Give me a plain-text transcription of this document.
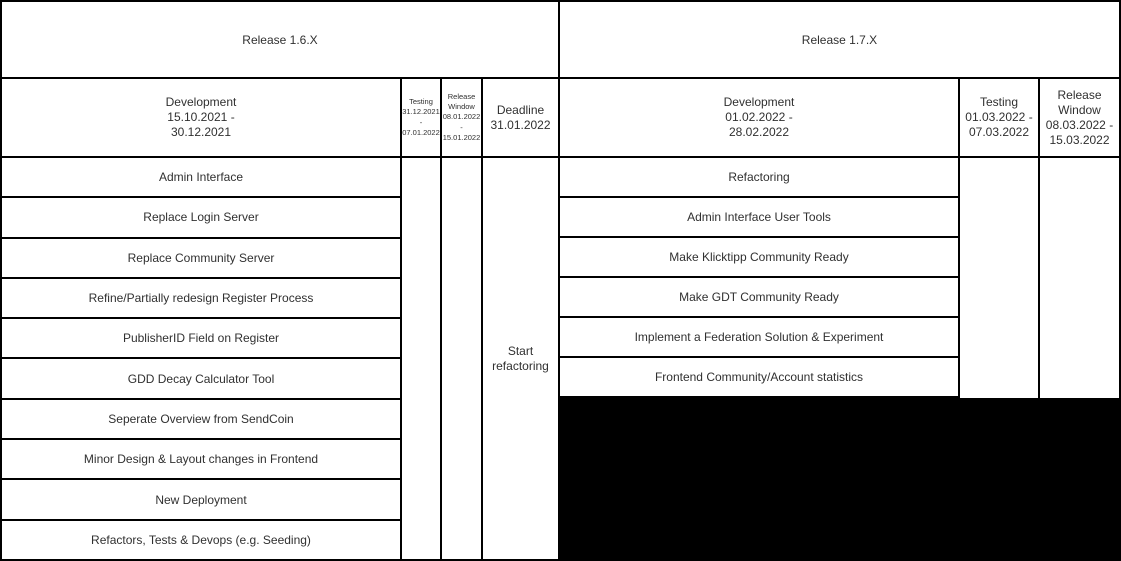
Release 1.6.X
Development
15.10.2021 -
30.12.2021
Testing
31.12.2021
-
07.01.2022
Release
Window
08.01.2022
-
15.01.2022
Deadline
31.01.2022
Admin Interface
Replace Login Server
Replace Community Server
Refine/Partially redesign Register Process
PublisherID Field on Register
GDD Decay Calculator Tool
Seperate Overview from SendCoin
Minor Design & Layout changes in Frontend
New Deployment
Refactors, Tests & Devops (e.g. Seeding)
Start
refactoring
Release 1.7.X
Development
01.02.2022 -
28.02.2022
Testing
01.03.2022 -
07.03.2022
Release
Window
08.03.2022 -
15.03.2022
Refactoring
Admin Interface User Tools
Make Klicktipp Community Ready
Make GDT Community Ready
Implement a Federation Solution & Experiment
Frontend Community/Account statistics
